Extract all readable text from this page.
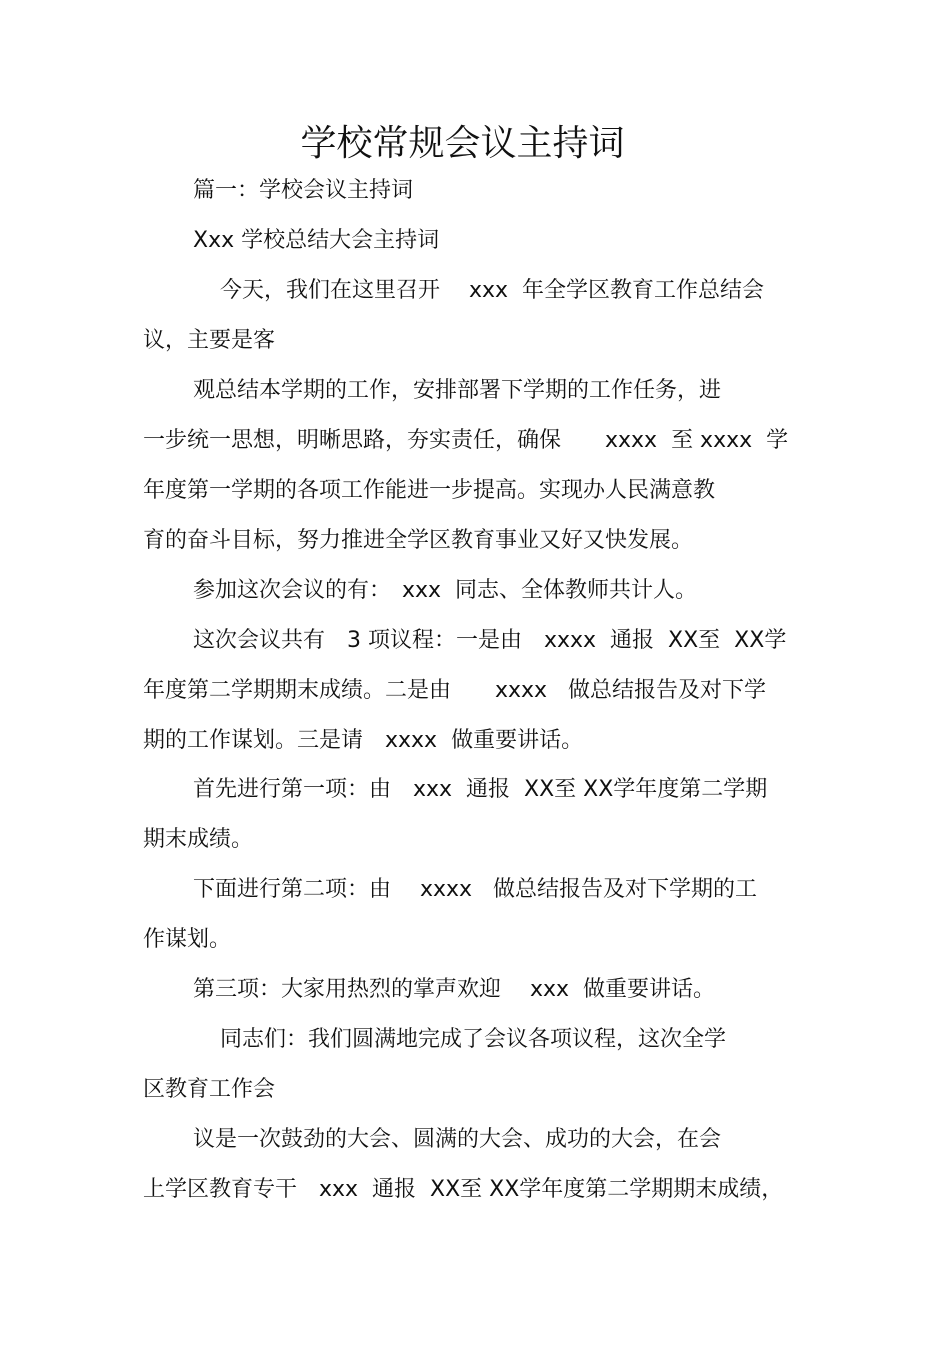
学校常规会议主持词
篇一：学校会议主持词
Xxx 学校总结大会主持词
今天，我们在这里召开　 xxx  年全学区教育工作总结会
议，主要是客
观总结本学期的工作，安排部署下学期的工作任务，进
一步统一思想，明晰思路，夯实责任，确保　　xxxx  至 xxxx  学
年度第一学期的各项工作能进一步提高。实现办人民满意教
育的奋斗目标，努力推进全学区教育事业又好又快发展。
参加这次会议的有：　xxx  同志、全体教师共计人。
这次会议共有　3 项议程：一是由　xxxx  通报  XX至  XX学
年度第二学期期末成绩。二是由　　xxxx   做总结报告及对下学
期的工作谋划。三是请　xxxx  做重要讲话。
首先进行第一项：由　xxx  通报  XX至 XX学年度第二学期
期末成绩。
下面进行第二项：由　 xxxx   做总结报告及对下学期的工
作谋划。
第三项：大家用热烈的掌声欢迎　 xxx  做重要讲话。
同志们：我们圆满地完成了会议各项议程，这次全学
区教育工作会
议是一次鼓劲的大会、圆满的大会、成功的大会，在会
上学区教育专干　xxx  通报  XX至 XX学年度第二学期期末成绩，
